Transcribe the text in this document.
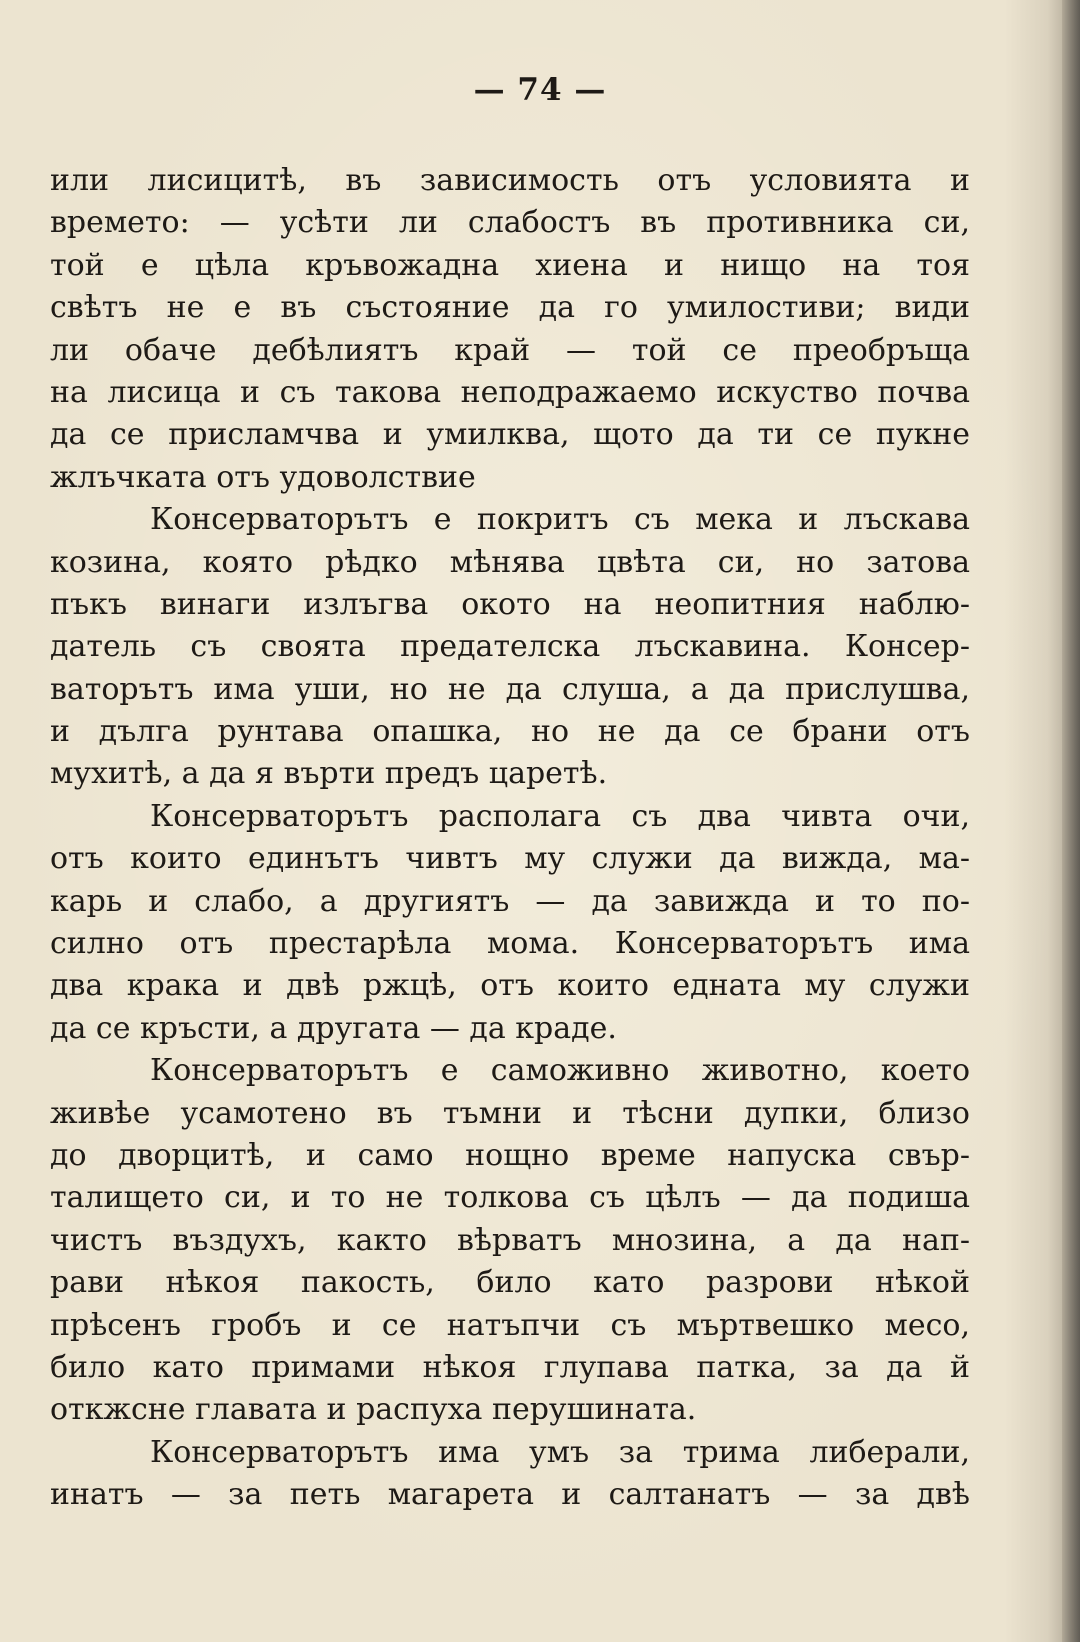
— 74 —
или лисицитѣ, въ зависимость отъ условията и
времето: — усѣти ли слабостъ въ противника си,
той е цѣла кръвожадна хиена и нищо на тоя
свѣтъ не е въ състояние да го умилостиви; види
ли обаче дебѣлиятъ край — той се преобръща
на лисица и съ такова неподражаемо искуство почва
да се присламчва и умилква, щото да ти се пукне
жлъчката отъ удоволствие
Консерваторътъ е покритъ съ мека и лъскава
козина, която рѣдко мѣнява цвѣта си, но затова
пъкъ винаги излъгва окото на неопитния наблю-
датель съ своята предателска лъскавина. Консер-
ваторътъ има уши, но не да слуша, а да прислушва,
и дълга рунтава опашка, но не да се брани отъ
мухитѣ, а да я върти предъ царетѣ.
Консерваторътъ располага съ два чивта очи,
отъ които единътъ чивтъ му служи да вижда, ма-
карь и слабо, а другиятъ — да завижда и то по-
силно отъ престарѣла мома. Консерваторътъ има
два крака и двѣ ржцѣ, отъ които едната му служи
да се кръсти, а другата — да краде.
Консерваторътъ е саможивно животно, което
живѣе усамотено въ тъмни и тѣсни дупки, близо
до дворцитѣ, и само нощно време напуска свър-
талището си, и то не толкова съ цѣлъ — да подиша
чистъ въздухъ, както вѣрватъ мнозина, а да нап-
рави нѣкоя пакость, било като разрови нѣкой
прѣсенъ гробъ и се натъпчи съ мъртвешко месо,
било като примами нѣкоя глупава патка, за да й
откжсне главата и распуха перушината.
Консерваторътъ има умъ за трима либерали,
инатъ — за петь магарета и салтанатъ — за двѣ
